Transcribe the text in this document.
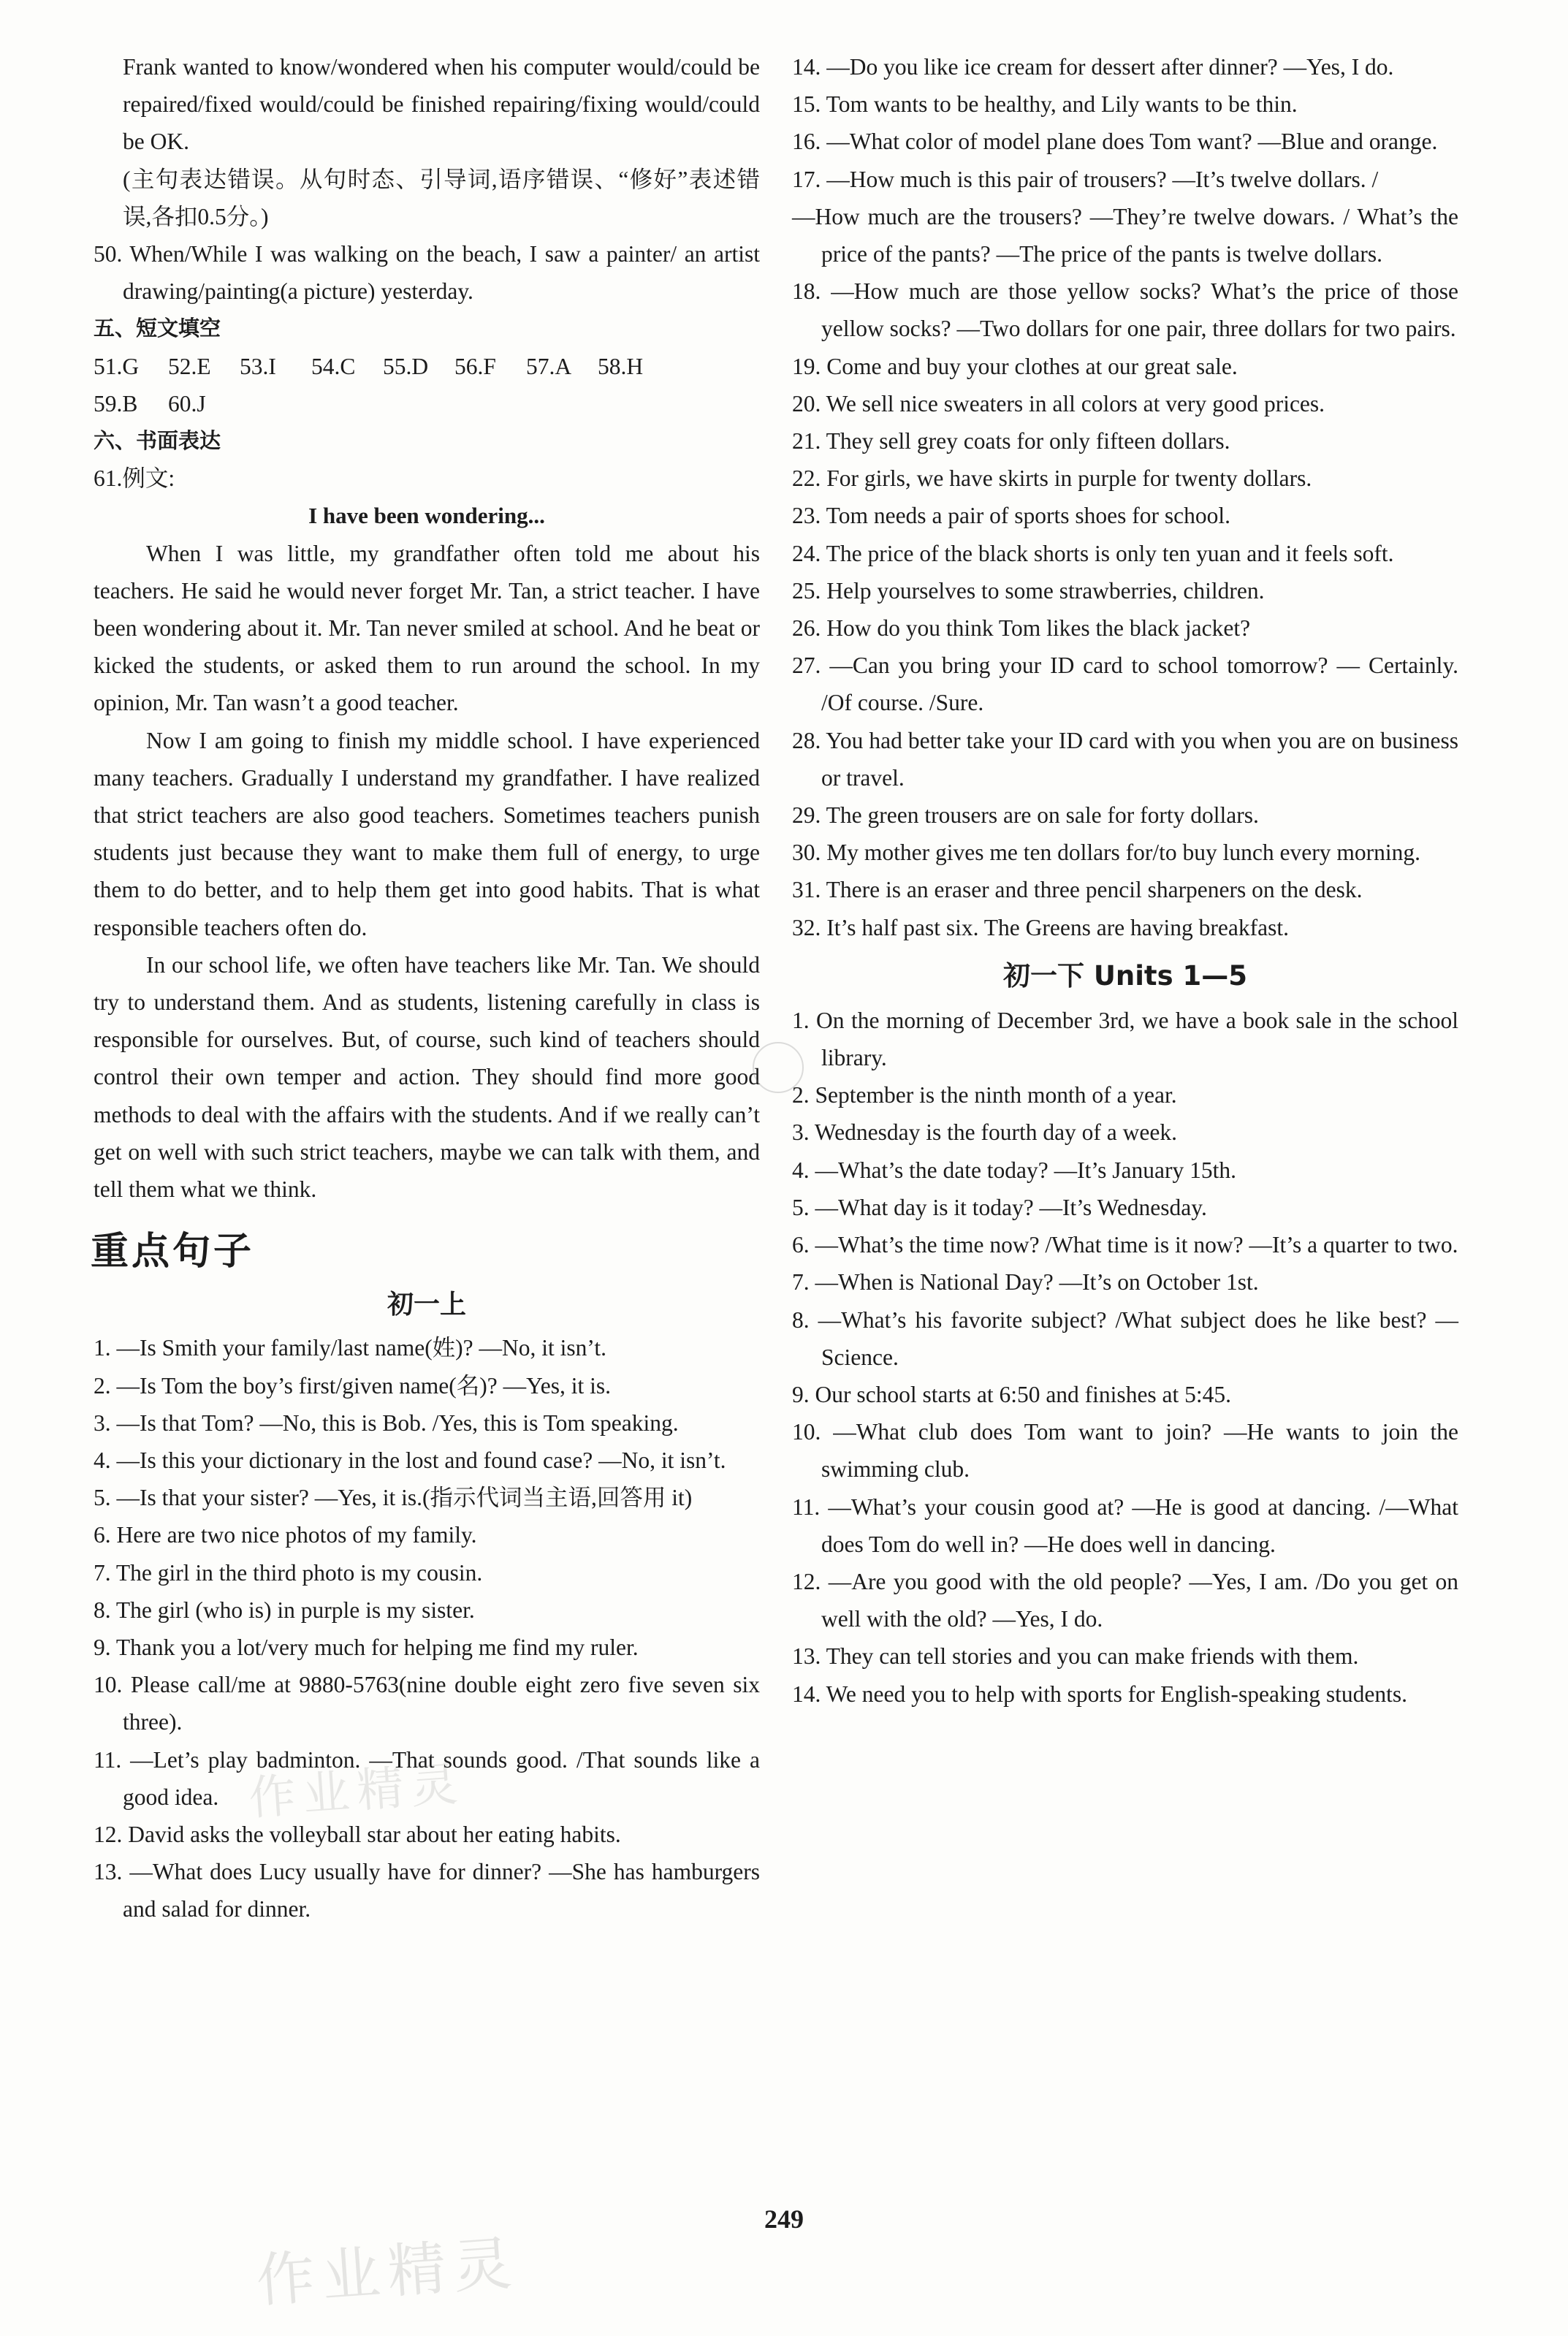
Frank wanted to know/wondered when his computer would/could be repaired/fixed would/could be finished repairing/fixing would/could be OK.

(主句表达错误。从句时态、引导词,语序错误、“修好”表述错误,各扣0.5分。)

50. When/While I was walking on the beach, I saw a painter/ an artist drawing/painting(a picture) yesterday.

五、短文填空

51.G	52.E	53.I	54.C	55.D	56.F	57.A	58.H
59.B	60.J

六、书面表达

61.例文:

I have been wondering...

When I was little, my grandfather often told me about his teachers. He said he would never forget Mr. Tan, a strict teacher. I have been wondering about it. Mr. Tan never smiled at school. And he beat or kicked the students, or asked them to run around the school. In my opinion, Mr. Tan wasn’t a good teacher.

Now I am going to finish my middle school. I have experienced many teachers. Gradually I understand my grandfather. I have realized that strict teachers are also good teachers. Sometimes teachers punish students just because they want to make them full of energy, to urge them to do better, and to help them get into good habits. That is what responsible teachers often do.

In our school life, we often have teachers like Mr. Tan. We should try to understand them. And as students, listening carefully in class is responsible for ourselves. But, of course, such kind of teachers should control their own temper and action. They should find more good methods to deal with the affairs with the students. And if we really can’t get on well with such strict teachers, maybe we can talk with them, and tell them what we think.

重点句子
初一上

1. —Is Smith your family/last name(姓)? —No, it isn’t.

2. —Is Tom the boy’s first/given name(名)? —Yes, it is.

3. —Is that Tom? —No, this is Bob. /Yes, this is Tom speaking.

4. —Is this your dictionary in the lost and found case? —No, it isn’t.

5. —Is that your sister? —Yes, it is.(指示代词当主语,回答用 it)

6. Here are two nice photos of my family.

7. The girl in the third photo is my cousin.

8. The girl (who is) in purple is my sister.

9. Thank you a lot/very much for helping me find my ruler.

10. Please call/me at 9880-5763(nine double eight zero five seven six three).

11. —Let’s play badminton. —That sounds good. /That sounds like a good idea.

12. David asks the volleyball star about her eating habits.

13. —What does Lucy usually have for dinner? —She has hamburgers and salad for dinner.

14. —Do you like ice cream for dessert after dinner? —Yes, I do.

15. Tom wants to be healthy, and Lily wants to be thin.

16. —What color of model plane does Tom want? —Blue and orange.

17. —How much is this pair of trousers? —It’s twelve dollars. /

—How much are the trousers? —They’re twelve dowars. / What’s the price of the pants? —The price of the pants is twelve dollars.

18. —How much are those yellow socks? What’s the price of those yellow socks? —Two dollars for one pair, three dollars for two pairs.

19. Come and buy your clothes at our great sale.

20. We sell nice sweaters in all colors at very good prices.

21. They sell grey coats for only fifteen dollars.

22. For girls, we have skirts in purple for twenty dollars.

23. Tom needs a pair of sports shoes for school.

24. The price of the black shorts is only ten yuan and it feels soft.

25. Help yourselves to some strawberries, children.

26. How do you think Tom likes the black jacket?

27. —Can you bring your ID card to school tomorrow? — Certainly. /Of course. /Sure.

28. You had better take your ID card with you when you are on business or travel.

29. The green trousers are on sale for forty dollars.

30. My mother gives me ten dollars for/to buy lunch every morning.

31. There is an eraser and three pencil sharpeners on the desk.

32. It’s half past six. The Greens are having breakfast.

初一下 Units 1—5

1. On the morning of December 3rd, we have a book sale in the school library.

2. September is the ninth month of a year.

3. Wednesday is the fourth day of a week.

4. —What’s the date today? —It’s January 15th.

5. —What day is it today? —It’s Wednesday.

6. —What’s the time now? /What time is it now? —It’s a quarter to two.

7. —When is National Day? —It’s on October 1st.

8. —What’s his favorite subject? /What subject does he like best? —Science.

9. Our school starts at 6:50 and finishes at 5:45.

10. —What club does Tom want to join? —He wants to join the swimming club.

11. —What’s your cousin good at? —He is good at dancing. /—What does Tom do well in? —He does well in dancing.

12. —Are you good with the old people? —Yes, I am. /Do you get on well with the old? —Yes, I do.

13. They can tell stories and you can make friends with them.

14. We need you to help with sports for English-speaking students.

作业精灵
作业精灵
249
